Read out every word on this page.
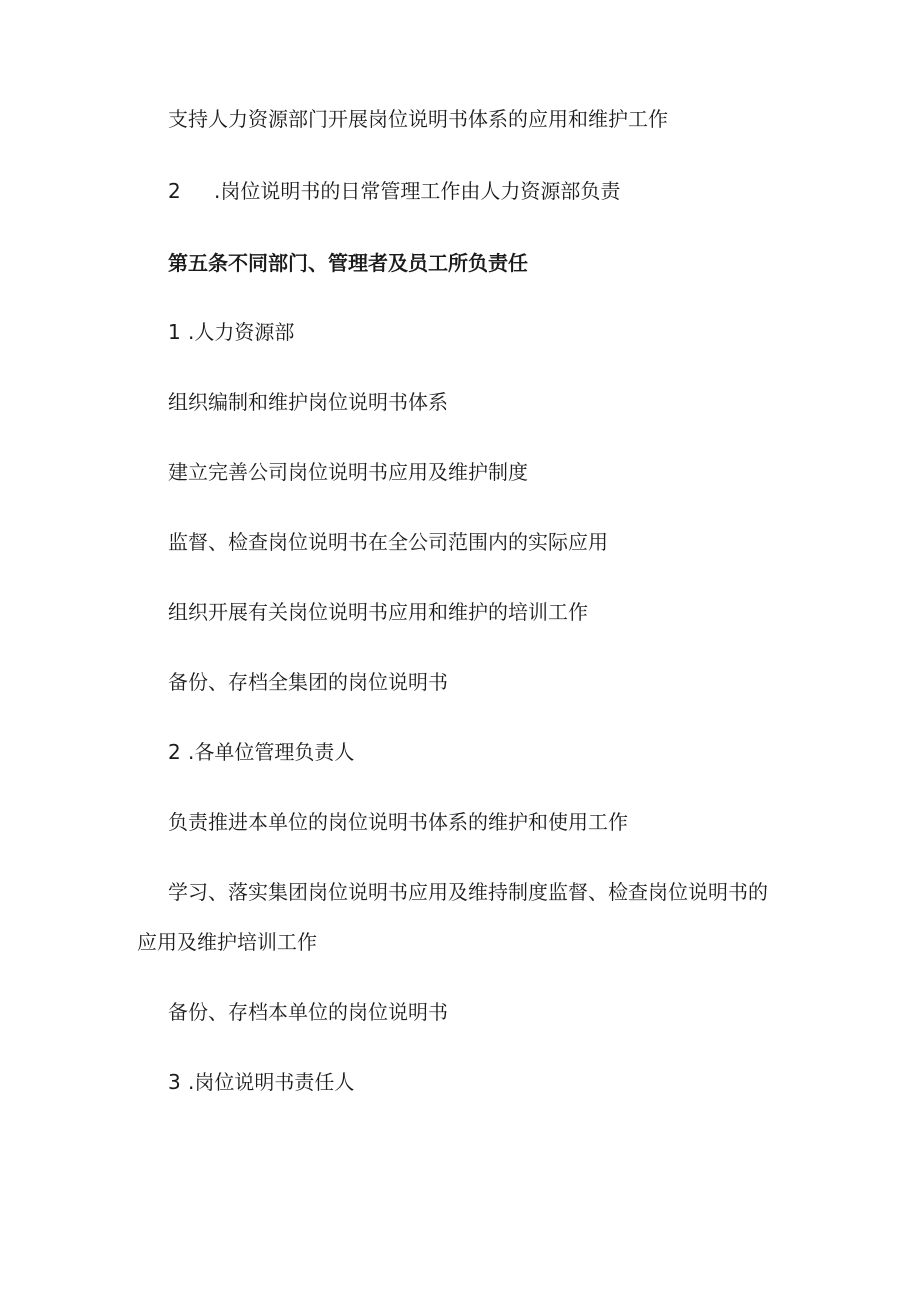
支持人力资源部门开展岗位说明书体系的应用和维护工作
2 .岗位说明书的日常管理工作由人力资源部负责
第五条不同部门、管理者及员工所负责任
1 .人力资源部
组织编制和维护岗位说明书体系
建立完善公司岗位说明书应用及维护制度
监督、检查岗位说明书在全公司范围内的实际应用
组织开展有关岗位说明书应用和维护的培训工作
备份、存档全集团的岗位说明书
2 .各单位管理负责人
负责推进本单位的岗位说明书体系的维护和使用工作
学习、落实集团岗位说明书应用及维持制度监督、检查岗位说明书的
应用及维护培训工作
备份、存档本单位的岗位说明书
3 .岗位说明书责任人
